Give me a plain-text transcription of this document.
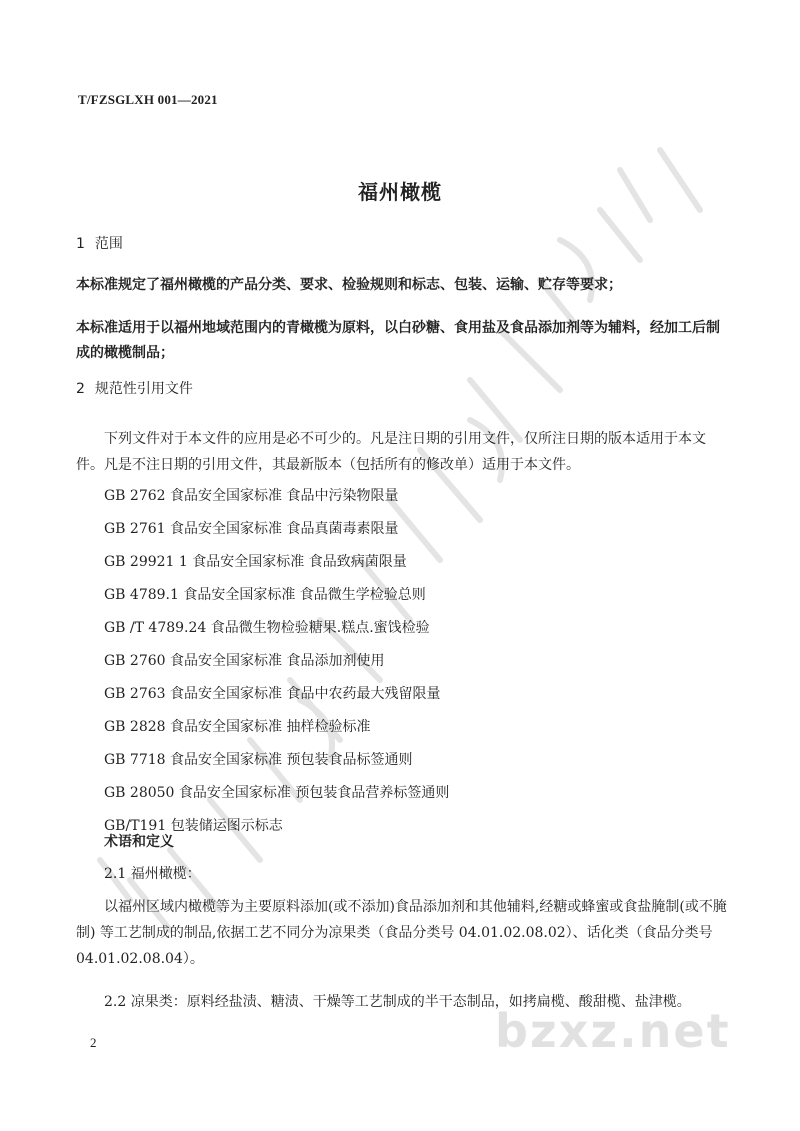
T/FZSGLXH 001—2021
福州橄榄
1 范围
本标准规定了福州橄榄的产品分类、要求、检验规则和标志、包装、运输、贮存等要求；
本标准适用于以福州地域范围内的青橄榄为原料，以白砂糖、食用盐及食品添加剂等为辅料，经加工后制成的橄榄制品；
2 规范性引用文件
下列文件对于本文件的应用是必不可少的。凡是注日期的引用文件，仅所注日期的版本适用于本文件。凡是不注日期的引用文件，其最新版本（包括所有的修改单）适用于本文件。
GB 2762 食品安全国家标准 食品中污染物限量
GB 2761 食品安全国家标准 食品真菌毒素限量
GB 29921 1 食品安全国家标准 食品致病菌限量
GB 4789.1 食品安全国家标准 食品微生学检验总则
GB /T 4789.24 食品微生物检验糖果.糕点.蜜饯检验
GB 2760 食品安全国家标准 食品添加剂使用
GB 2763 食品安全国家标准 食品中农药最大残留限量
GB 2828 食品安全国家标准 抽样检验标准
GB 7718 食品安全国家标准 预包装食品标签通则
GB 28050 食品安全国家标准 预包装食品营养标签通则
GB/T191 包装储运图示标志
术语和定义
2.1 福州橄榄：
以福州区域内橄榄等为主要原料添加(或不添加)食品添加剂和其他辅料,经糖或蜂蜜或食盐腌制(或不腌制) 等工艺制成的制品,依据工艺不同分为凉果类（食品分类号 04.01.02.08.02）、话化类（食品分类号 04.01.02.08.04）。
2.2 凉果类：原料经盐渍、糖渍、干燥等工艺制成的半干态制品，如拷扁榄、酸甜榄、盐津榄。
bzxz.net
2
